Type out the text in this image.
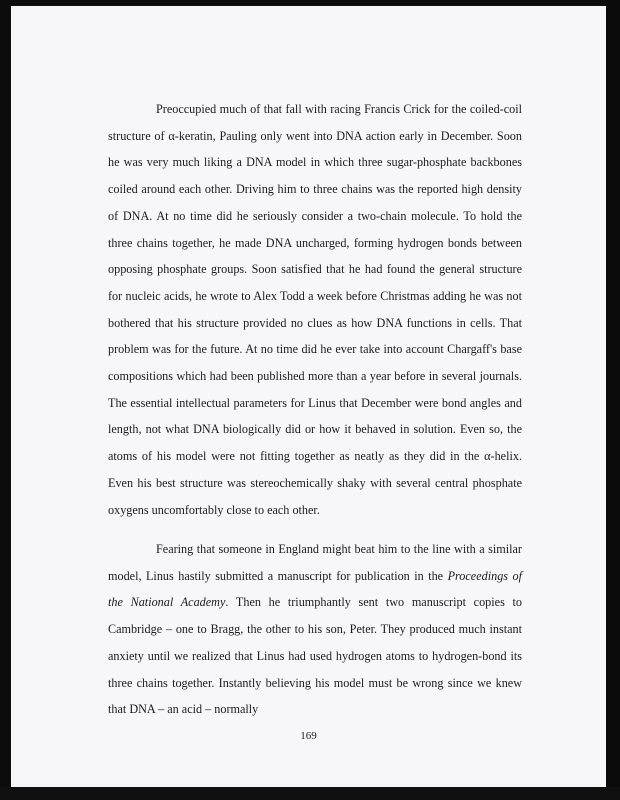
Preoccupied much of that fall with racing Francis Crick for the coiled-coil structure of α-keratin, Pauling only went into DNA action early in December. Soon he was very much liking a DNA model in which three sugar-phosphate backbones coiled around each other. Driving him to three chains was the reported high density of DNA. At no time did he seriously consider a two-chain molecule. To hold the three chains together, he made DNA uncharged, forming hydrogen bonds between opposing phosphate groups. Soon satisfied that he had found the general structure for nucleic acids, he wrote to Alex Todd a week before Christmas adding he was not bothered that his structure provided no clues as how DNA functions in cells. That problem was for the future. At no time did he ever take into account Chargaff's base compositions which had been published more than a year before in several journals. The essential intellectual parameters for Linus that December were bond angles and length, not what DNA biologically did or how it behaved in solution. Even so, the atoms of his model were not fitting together as neatly as they did in the α-helix. Even his best structure was stereochemically shaky with several central phosphate oxygens uncomfortably close to each other.

Fearing that someone in England might beat him to the line with a similar model, Linus hastily submitted a manuscript for publication in the Proceedings of the National Academy. Then he triumphantly sent two manuscript copies to Cambridge – one to Bragg, the other to his son, Peter. They produced much instant anxiety until we realized that Linus had used hydrogen atoms to hydrogen-bond its three chains together. Instantly believing his model must be wrong since we knew that DNA – an acid – normally

169
